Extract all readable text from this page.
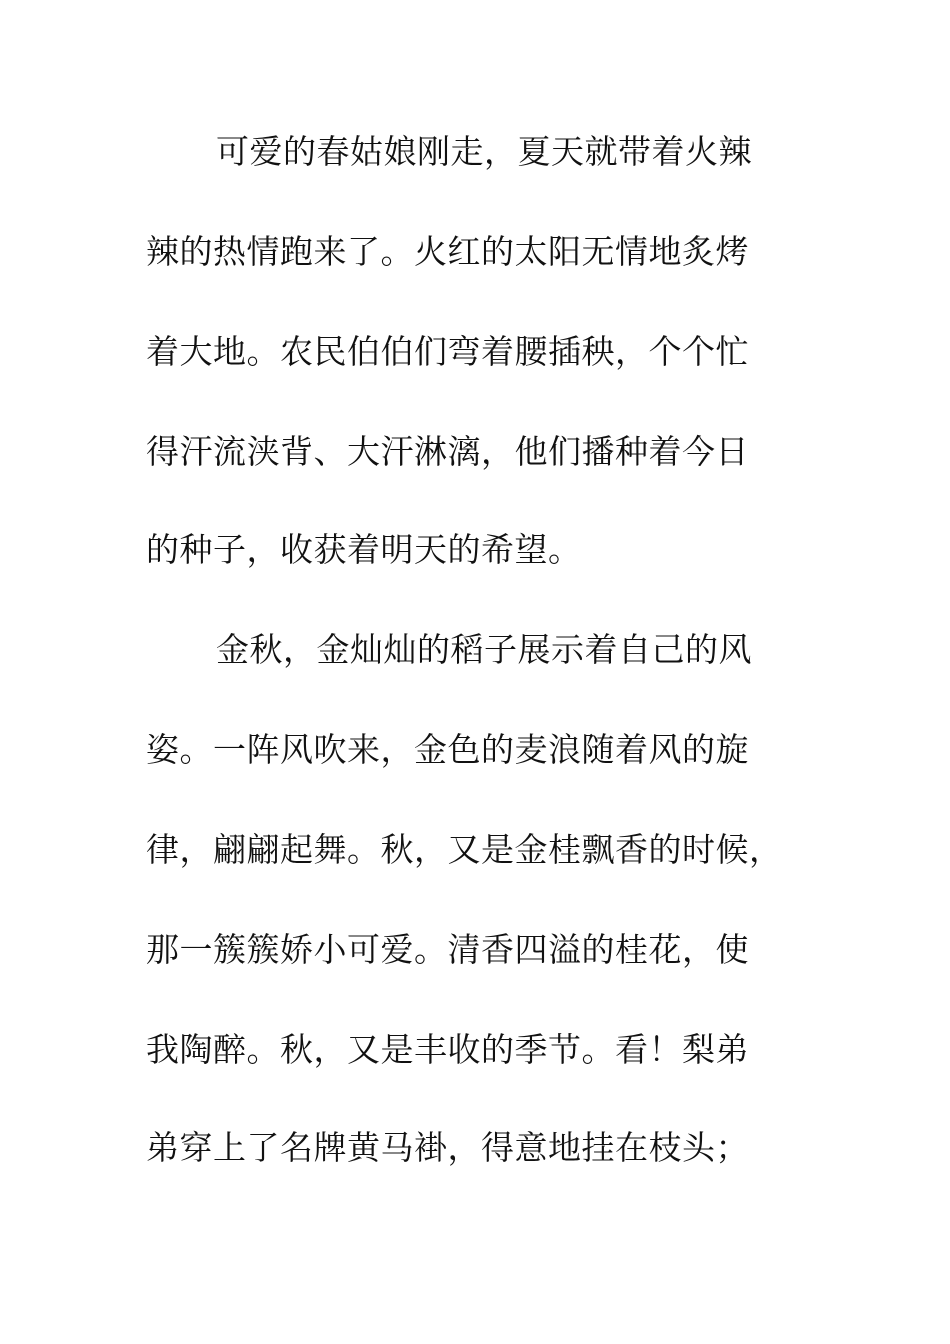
可爱的春姑娘刚走，夏天就带着火辣
辣的热情跑来了。火红的太阳无情地炙烤
着大地。农民伯伯们弯着腰插秧，个个忙
得汗流浃背、大汗淋漓，他们播种着今日
的种子，收获着明天的希望。
金秋，金灿灿的稻子展示着自己的风
姿。一阵风吹来，金色的麦浪随着风的旋
律，翩翩起舞。秋，又是金桂飘香的时候，
那一簇簇娇小可爱。清香四溢的桂花，使
我陶醉。秋，又是丰收的季节。看！梨弟
弟穿上了名牌黄马褂，得意地挂在枝头；
